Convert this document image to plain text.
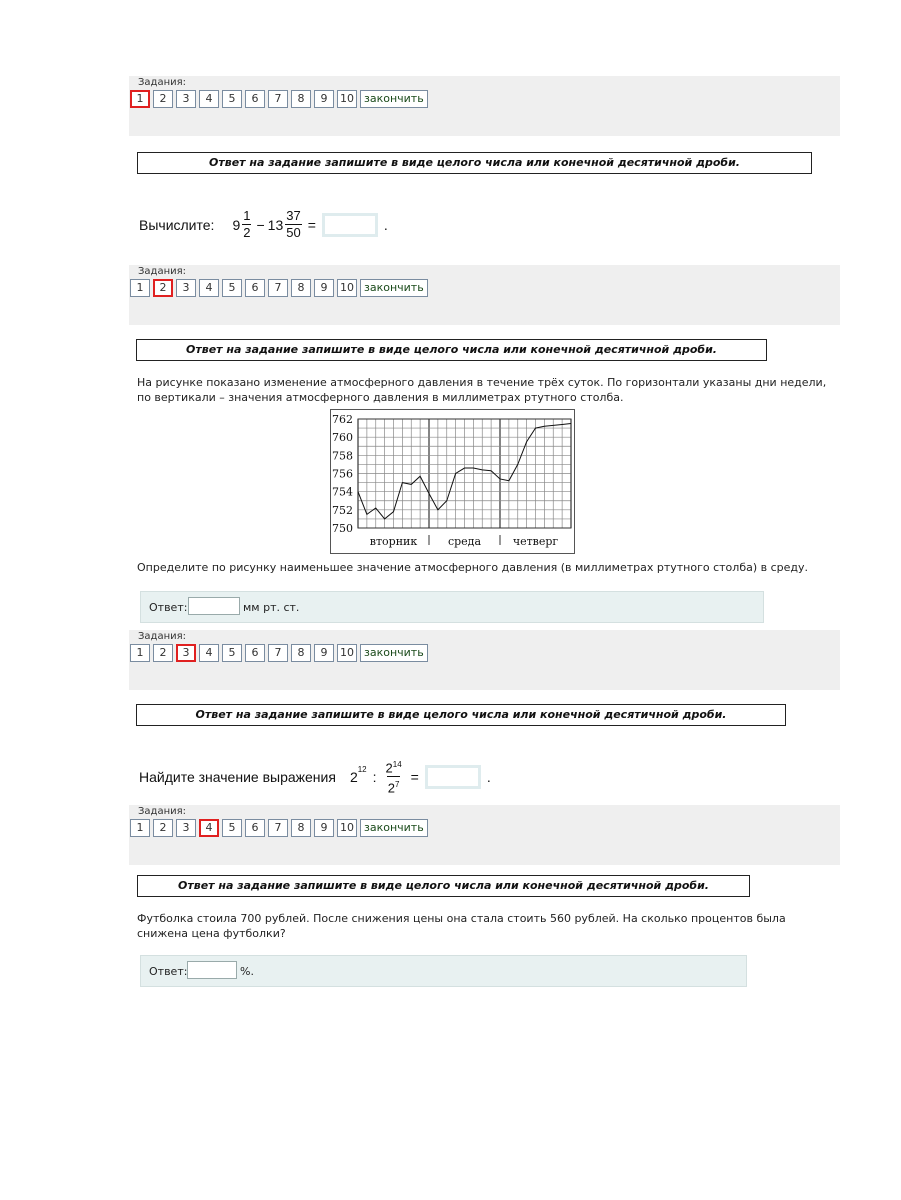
Задания:
1	2	3	4	5	6	7	8	9	10 закончить
Ответ на задание запишите в виде целого числа или конечной десятичной дроби.
Вычислите: $9 \frac{1}{2} - 13 \frac{37}{50}$ =	.
Задания:
1	2	3	4	5	6	7	8	9	10 закончить
Ответ на задание запишите в виде целого числа или конечной десятичной дроби.
На рисунке показано изменение атмосферного давления в течение трёх суток. По горизонтали указаны дни недели,
по вертикали – значения атмосферного давления в миллиметрах ртутного столба.
762
760
758
756
754
752
750
вторник	среда	четверг
Определите по рисунку наименьшее значение атмосферного давления (в миллиметрах ртутного столба) в среду.
Ответ:	мм рт. ст.
Задания:
1	2	3	4	5	6	7	8	9	10 закончить
Ответ на задание запишите в виде целого числа или конечной десятичной дроби.
Найдите значение выражения $2^{12}$ : $\frac{2^{14}}{2^7}$ =	.
Задания:
1	2	3	4	5	6	7	8	9	10 закончить
Ответ на задание запишите в виде целого числа или конечной десятичной дроби.
Футболка стоила 700 рублей. После снижения цены она стала стоить 560 рублей. На сколько процентов была
снижена цена футболки?
Ответ:	%.
